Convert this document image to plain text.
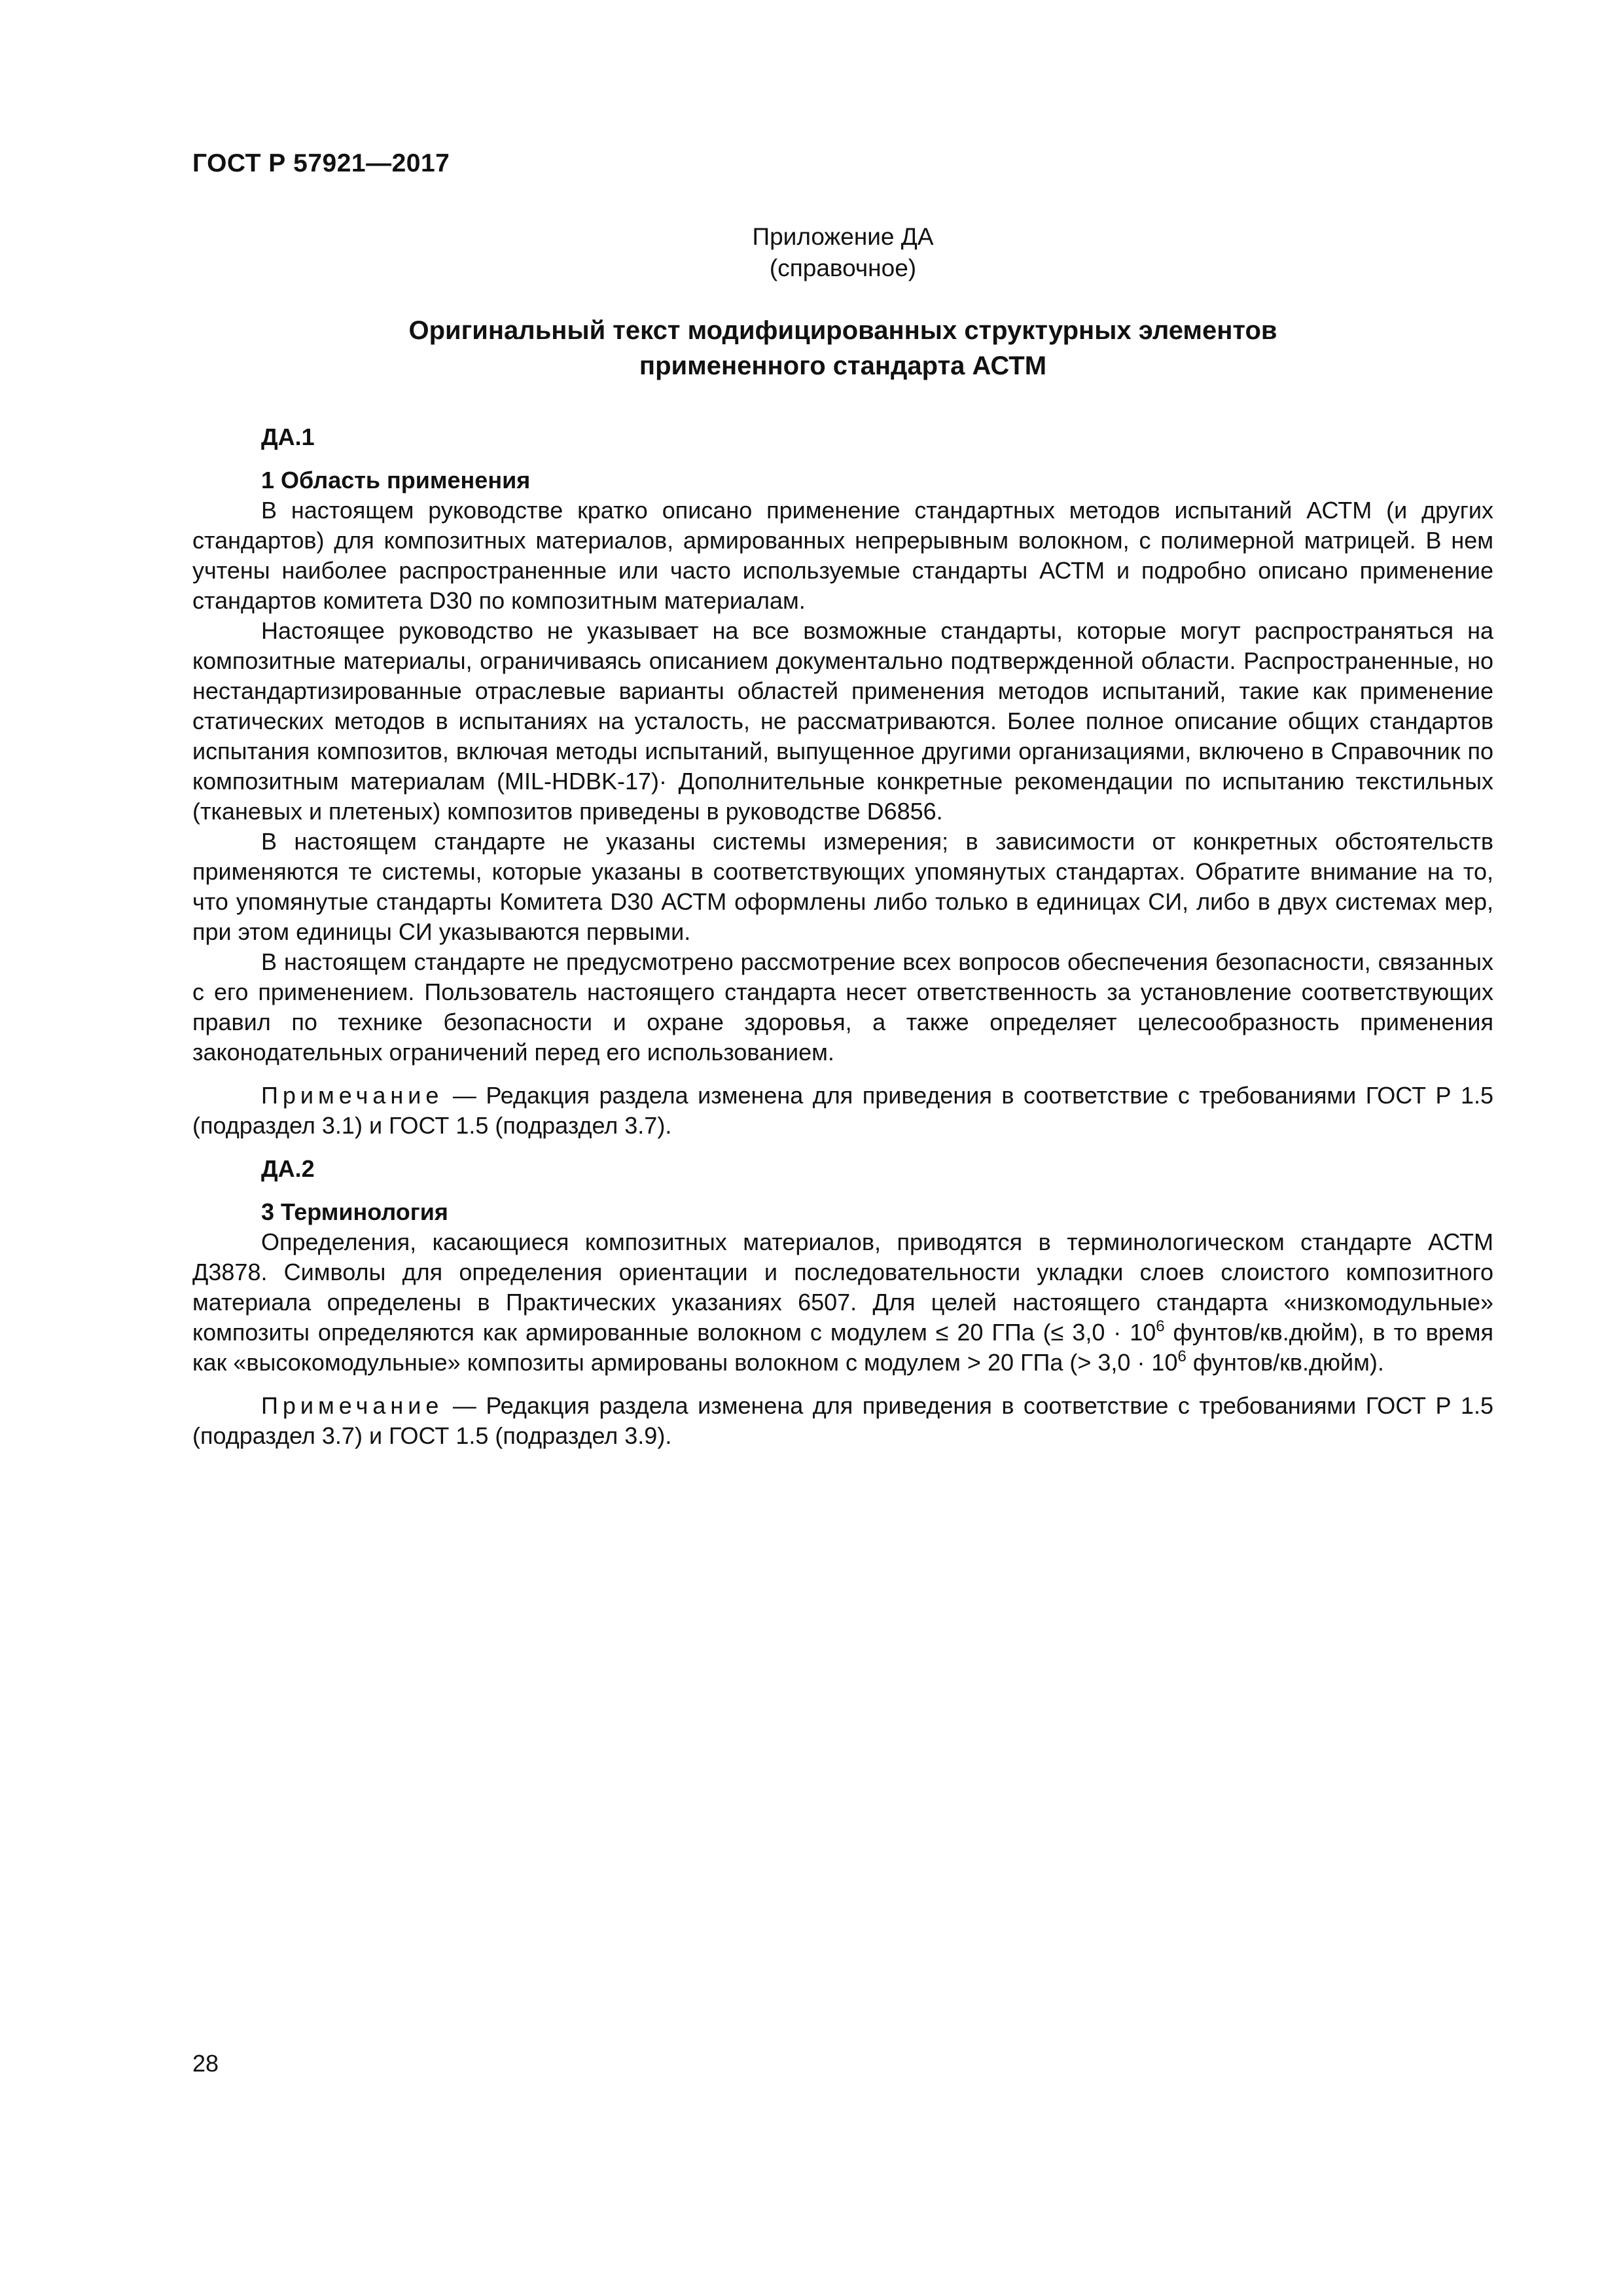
ГОСТ Р 57921—2017
Приложение ДА
(справочное)
Оригинальный текст модифицированных структурных элементов
примененного стандарта АСТМ
ДА.1
1 Область применения

В настоящем руководстве кратко описано применение стандартных методов испытаний АСТМ (и других стандартов) для композитных материалов, армированных непрерывным волокном, с полимерной матрицей. В нем учтены наиболее распространенные или часто используемые стандарты АСТМ и подробно описано применение стандартов комитета D30 по композитным материалам.

Настоящее руководство не указывает на все возможные стандарты, которые могут распространяться на композитные материалы, ограничиваясь описанием документально подтвержденной области. Распространенные, но нестандартизированные отраслевые варианты областей применения методов испытаний, такие как применение статических методов в испытаниях на усталость, не рассматриваются. Более полное описание общих стандартов испытания композитов, включая методы испытаний, выпущенное другими организациями, включено в Справочник по композитным материалам (MIL-HDBK-17)· Дополнительные конкретные рекомендации по испытанию текстильных (тканевых и плетеных) композитов приведены в руководстве D6856.

В настоящем стандарте не указаны системы измерения; в зависимости от конкретных обстоятельств применяются те системы, которые указаны в соответствующих упомянутых стандартах. Обратите внимание на то, что упомянутые стандарты Комитета D30 АСТМ оформлены либо только в единицах СИ, либо в двух системах мер, при этом единицы СИ указываются первыми.

В настоящем стандарте не предусмотрено рассмотрение всех вопросов обеспечения безопасности, связанных с его применением. Пользователь настоящего стандарта несет ответственность за установление соответствующих правил по технике безопасности и охране здоровья, а также определяет целесообразность применения законодательных ограничений перед его использованием.

Примечание — Редакция раздела изменена для приведения в соответствие с требованиями ГОСТ Р 1.5 (подраздел 3.1) и ГОСТ 1.5 (подраздел 3.7).

ДА.2
3 Терминология

Определения, касающиеся композитных материалов, приводятся в терминологическом стандарте АСТМ Д3878. Символы для определения ориентации и последовательности укладки слоев слоистого композитного материала определены в Практических указаниях 6507. Для целей настоящего стандарта «низкомодульные» композиты определяются как армированные волокном с модулем ≤ 20 ГПа (≤ $3,0 \cdot 10^6$ фунтов/кв.дюйм), в то время как «высокомодульные» композиты армированы волокном с модулем > 20 ГПа (> $3,0 \cdot 10^6$ фунтов/кв.дюйм).

Примечание — Редакция раздела изменена для приведения в соответствие с требованиями ГОСТ Р 1.5 (подраздел 3.7) и ГОСТ 1.5 (подраздел 3.9).

28
